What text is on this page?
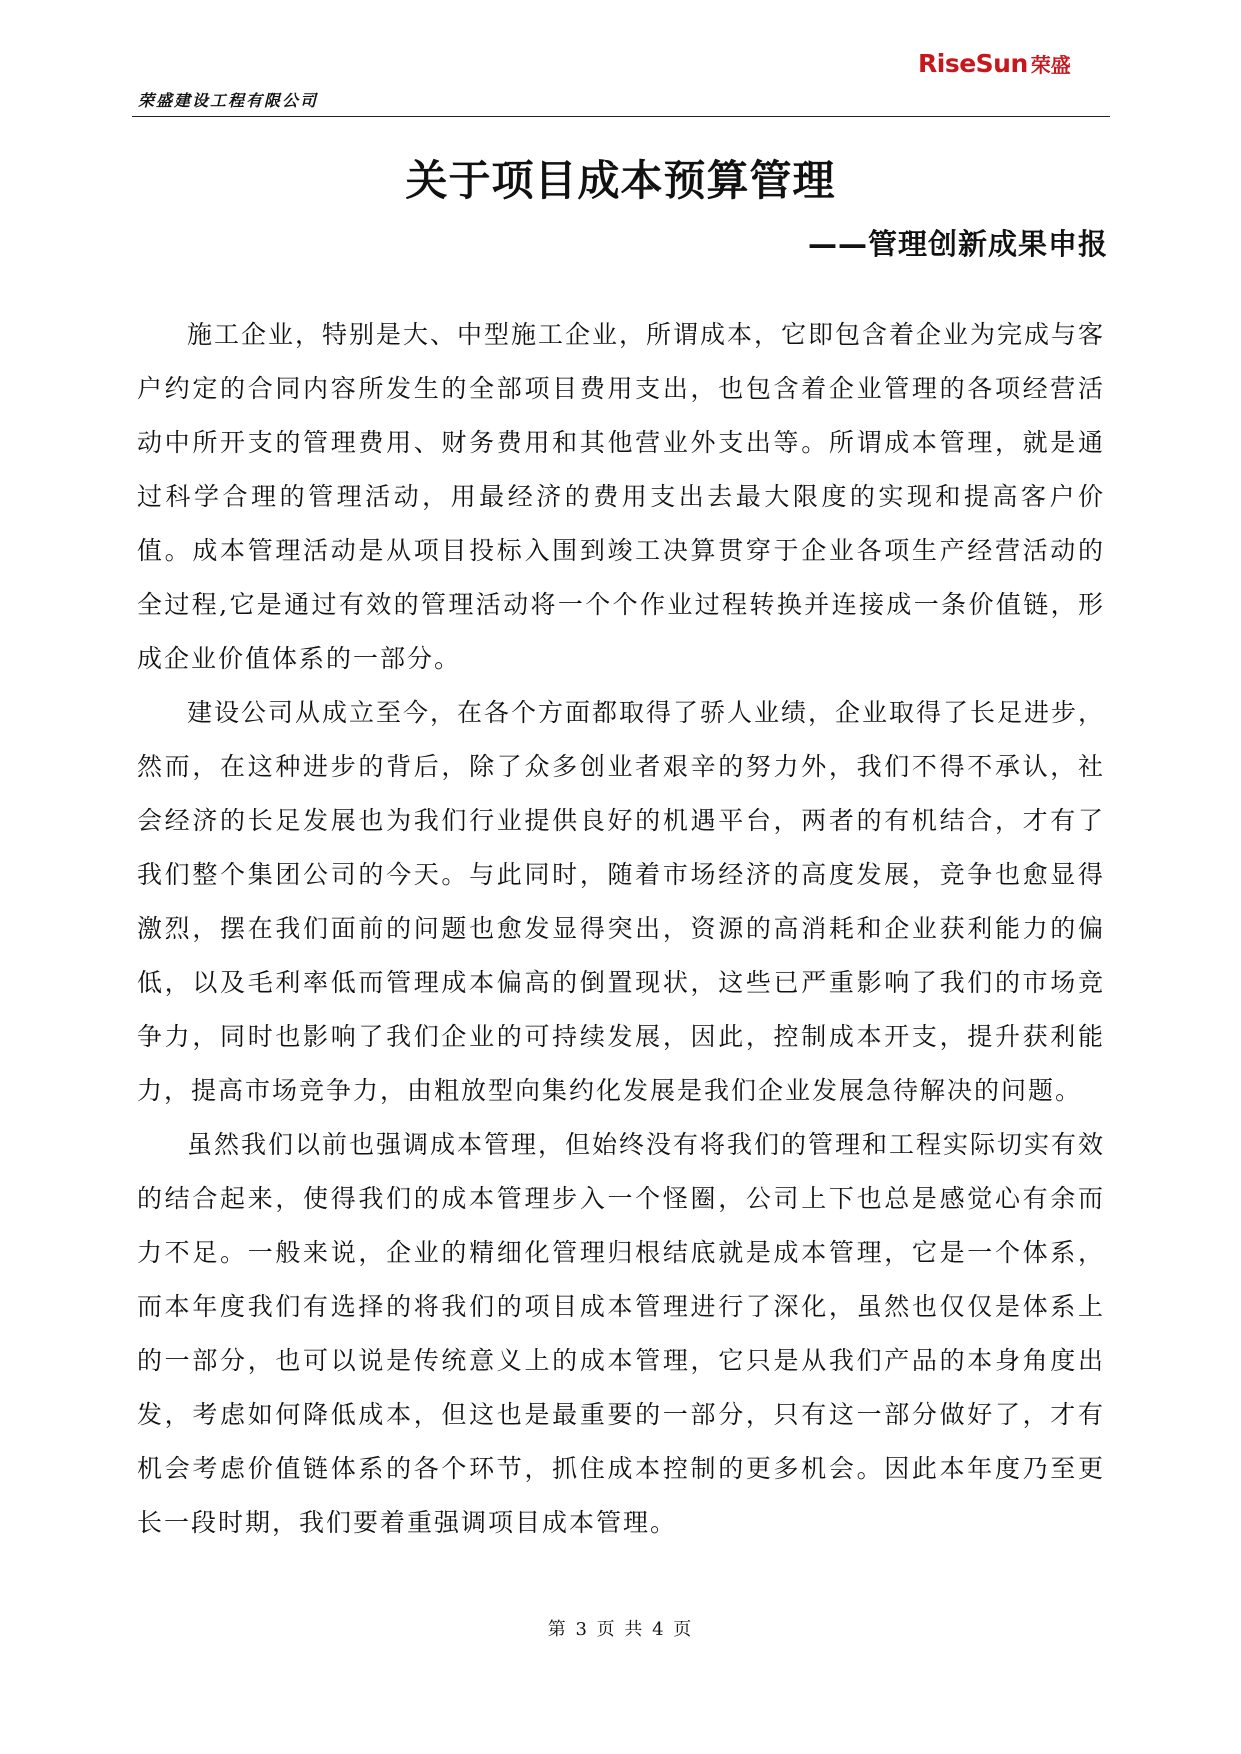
RiseSun 荣盛
荣盛建设工程有限公司
关于项目成本预算管理
——管理创新成果申报

施工企业，特别是大、中型施工企业，所谓成本，它即包含着企业为完成与客户约定的合同内容所发生的全部项目费用支出，也包含着企业管理的各项经营活动中所开支的管理费用、财务费用和其他营业外支出等。所谓成本管理，就是通过科学合理的管理活动，用最经济的费用支出去最大限度的实现和提高客户价值。成本管理活动是从项目投标入围到竣工决算贯穿于企业各项生产经营活动的全过程,它是通过有效的管理活动将一个个作业过程转换并连接成一条价值链，形成企业价值体系的一部分。

建设公司从成立至今，在各个方面都取得了骄人业绩，企业取得了长足进步，然而，在这种进步的背后，除了众多创业者艰辛的努力外，我们不得不承认，社会经济的长足发展也为我们行业提供良好的机遇平台，两者的有机结合，才有了我们整个集团公司的今天。与此同时，随着市场经济的高度发展，竞争也愈显得激烈，摆在我们面前的问题也愈发显得突出，资源的高消耗和企业获利能力的偏低，以及毛利率低而管理成本偏高的倒置现状，这些已严重影响了我们的市场竞争力，同时也影响了我们企业的可持续发展，因此，控制成本开支，提升获利能力，提高市场竞争力，由粗放型向集约化发展是我们企业发展急待解决的问题。

虽然我们以前也强调成本管理，但始终没有将我们的管理和工程实际切实有效的结合起来，使得我们的成本管理步入一个怪圈，公司上下也总是感觉心有余而力不足。一般来说，企业的精细化管理归根结底就是成本管理，它是一个体系，而本年度我们有选择的将我们的项目成本管理进行了深化，虽然也仅仅是体系上的一部分，也可以说是传统意义上的成本管理，它只是从我们产品的本身角度出发，考虑如何降低成本，但这也是最重要的一部分，只有这一部分做好了，才有机会考虑价值链体系的各个环节，抓住成本控制的更多机会。因此本年度乃至更长一段时期，我们要着重强调项目成本管理。

第 3 页 共 4 页
